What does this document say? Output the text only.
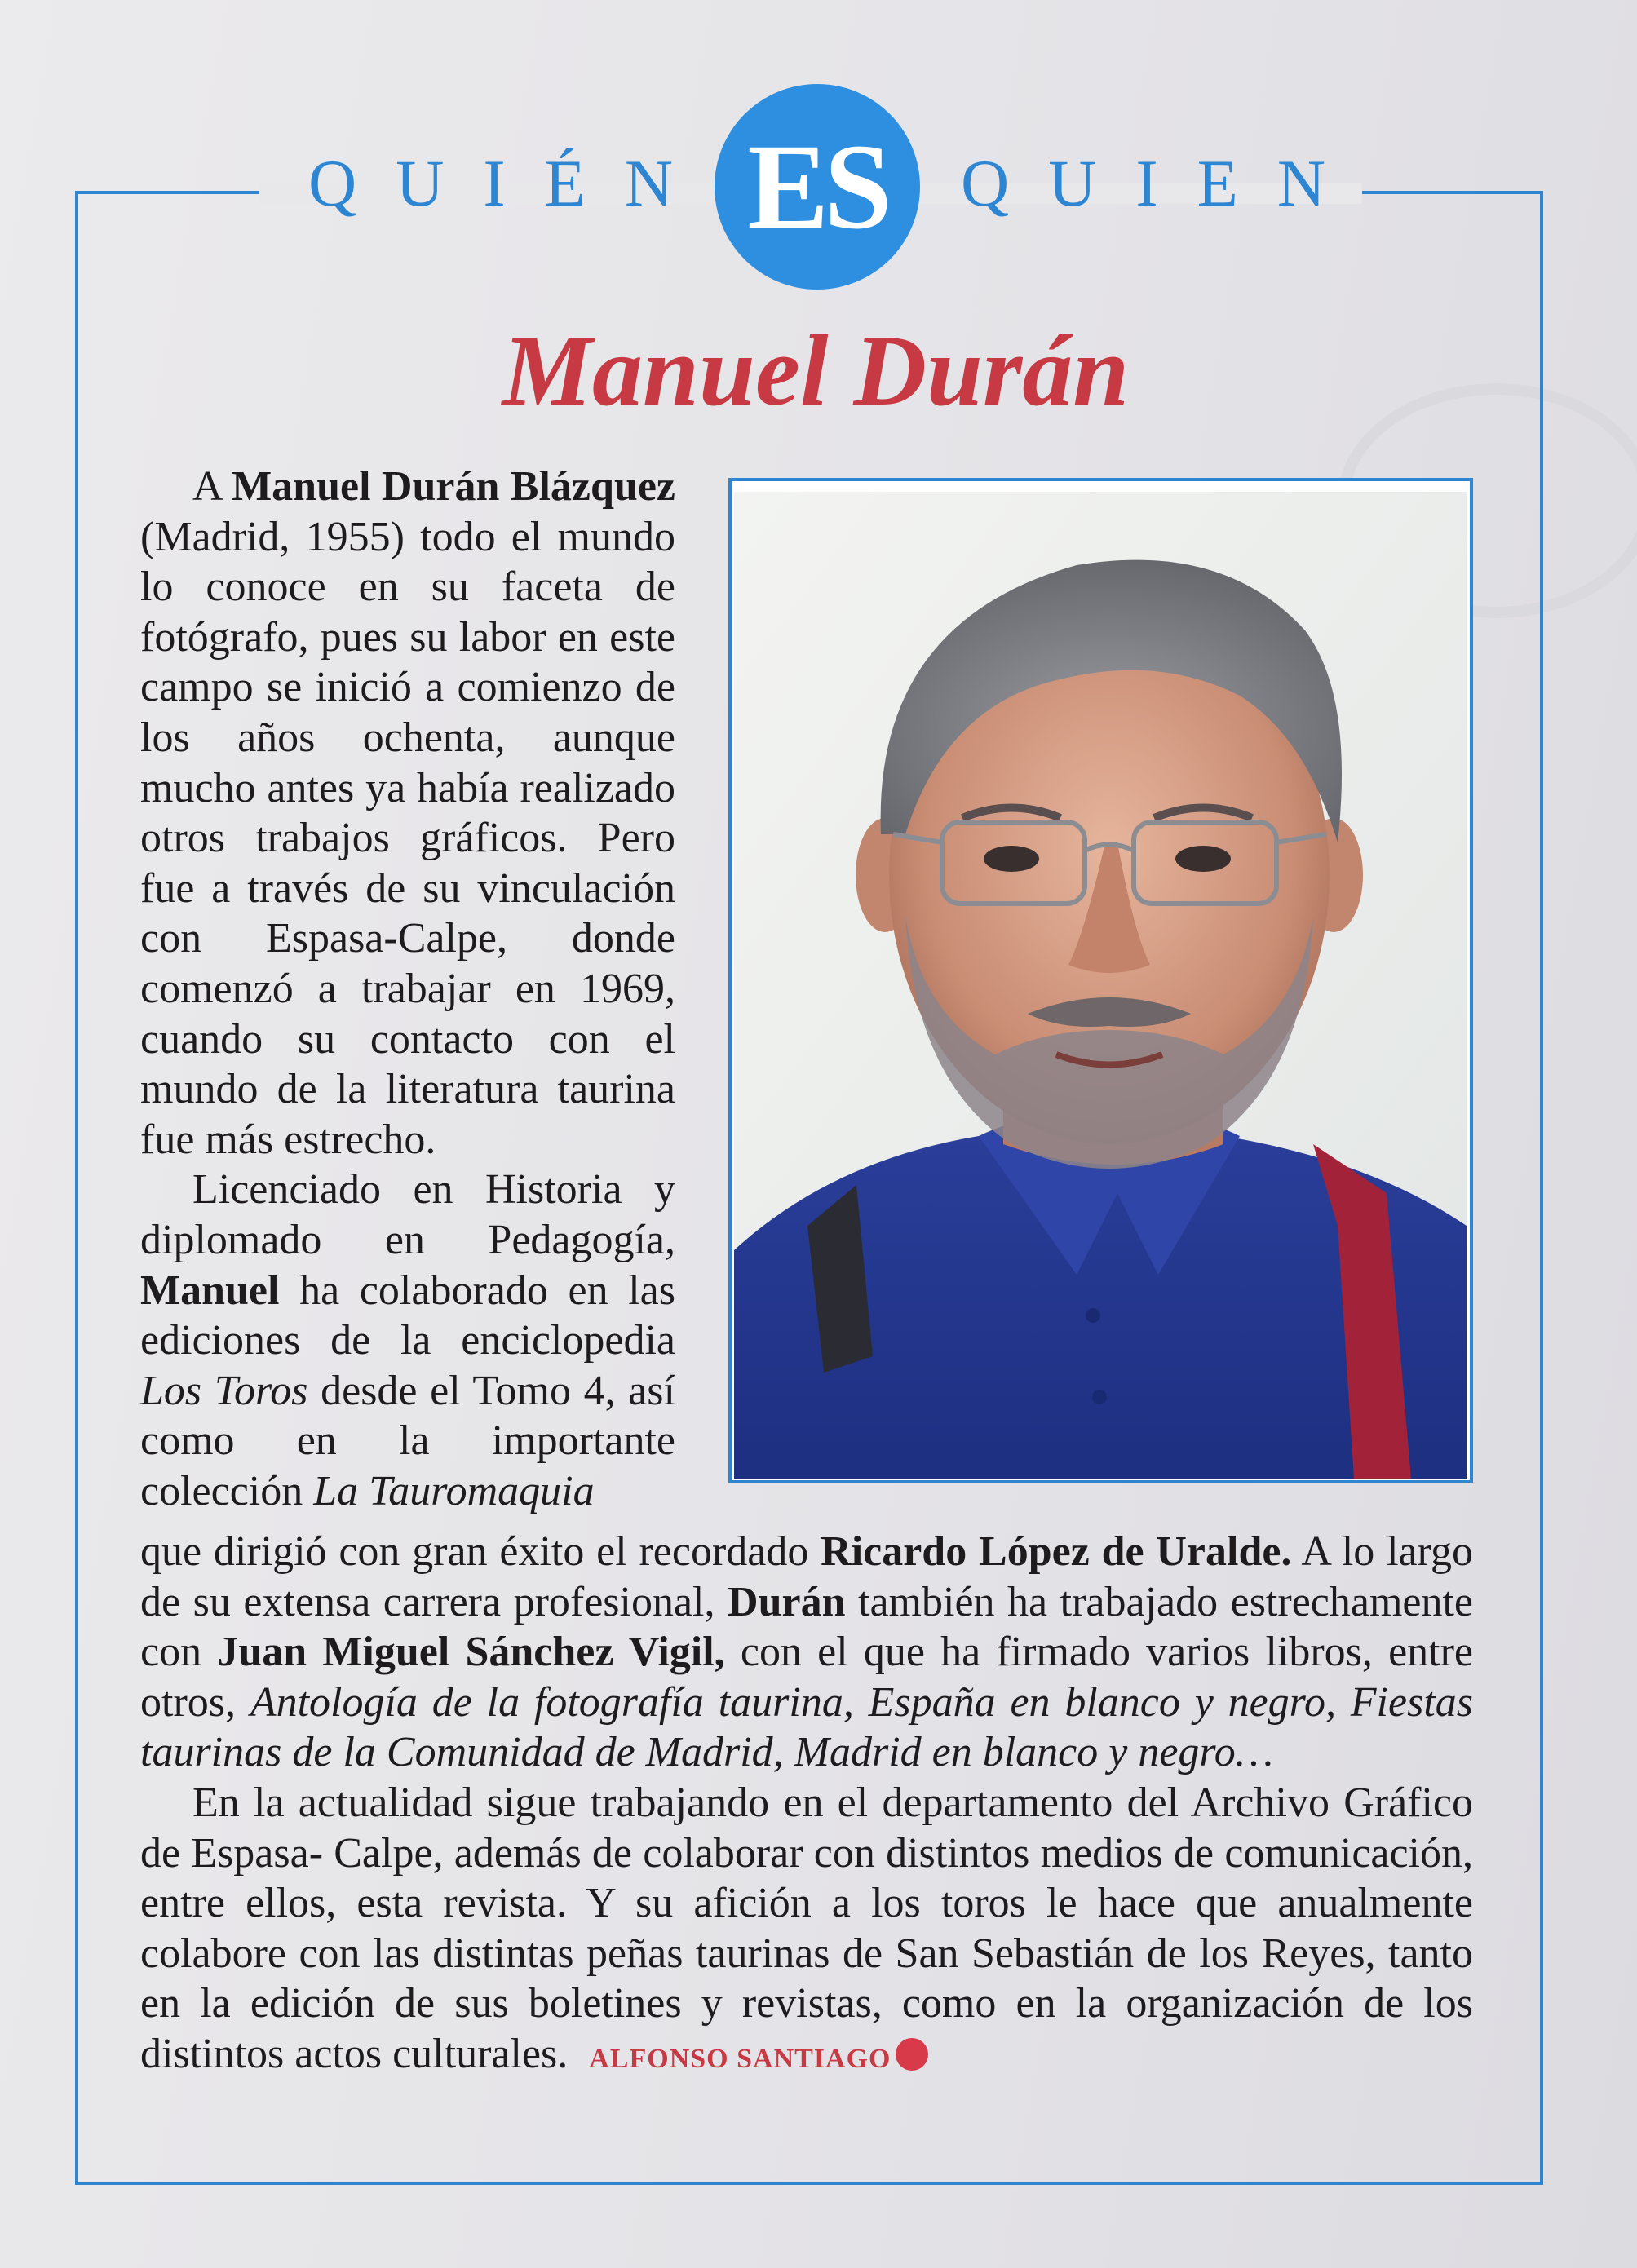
QUIÉN ES	QUIEN
Manuel Durán

A Manuel Durán Blázquez (Madrid, 1955) todo el mundo lo conoce en su faceta de fotógrafo, pues su labor en este campo se inició a comienzo de los años ochenta, aunque mucho antes ya había realizado otros trabajos gráficos. Pero fue a través de su vinculación con Espasa-Calpe, donde comenzó a trabajar en 1969, cuando su contacto con el mundo de la literatura taurina fue más estrecho.

Licenciado en Historia y diplomado en Pedagogía, Manuel ha colaborado en las ediciones de la enciclopedia Los Toros desde el Tomo 4, así como en la importante colección La Tauromaquia

que dirigió con gran éxito el recordado Ricardo López de Uralde. A lo largo de su extensa carrera profesional, Durán también ha trabajado estrechamente con Juan Miguel Sánchez Vigil, con el que ha firmado varios libros, entre otros, Antología de la fotografía taurina, España en blanco y negro, Fiestas taurinas de la Comunidad de Madrid, Madrid en blanco y negro…

En la actualidad sigue trabajando en el departamento del Archivo Gráfico de Espasa- Calpe, además de colaborar con distintos medios de comunicación, entre ellos, esta revista. Y su afición a los toros le hace que anualmente colabore con las distintas peñas taurinas de San Sebastián de los Reyes, tanto en la edición de sus boletines y revistas, como en la organización de los distintos actos culturales. ALFONSO SANTIAGO
